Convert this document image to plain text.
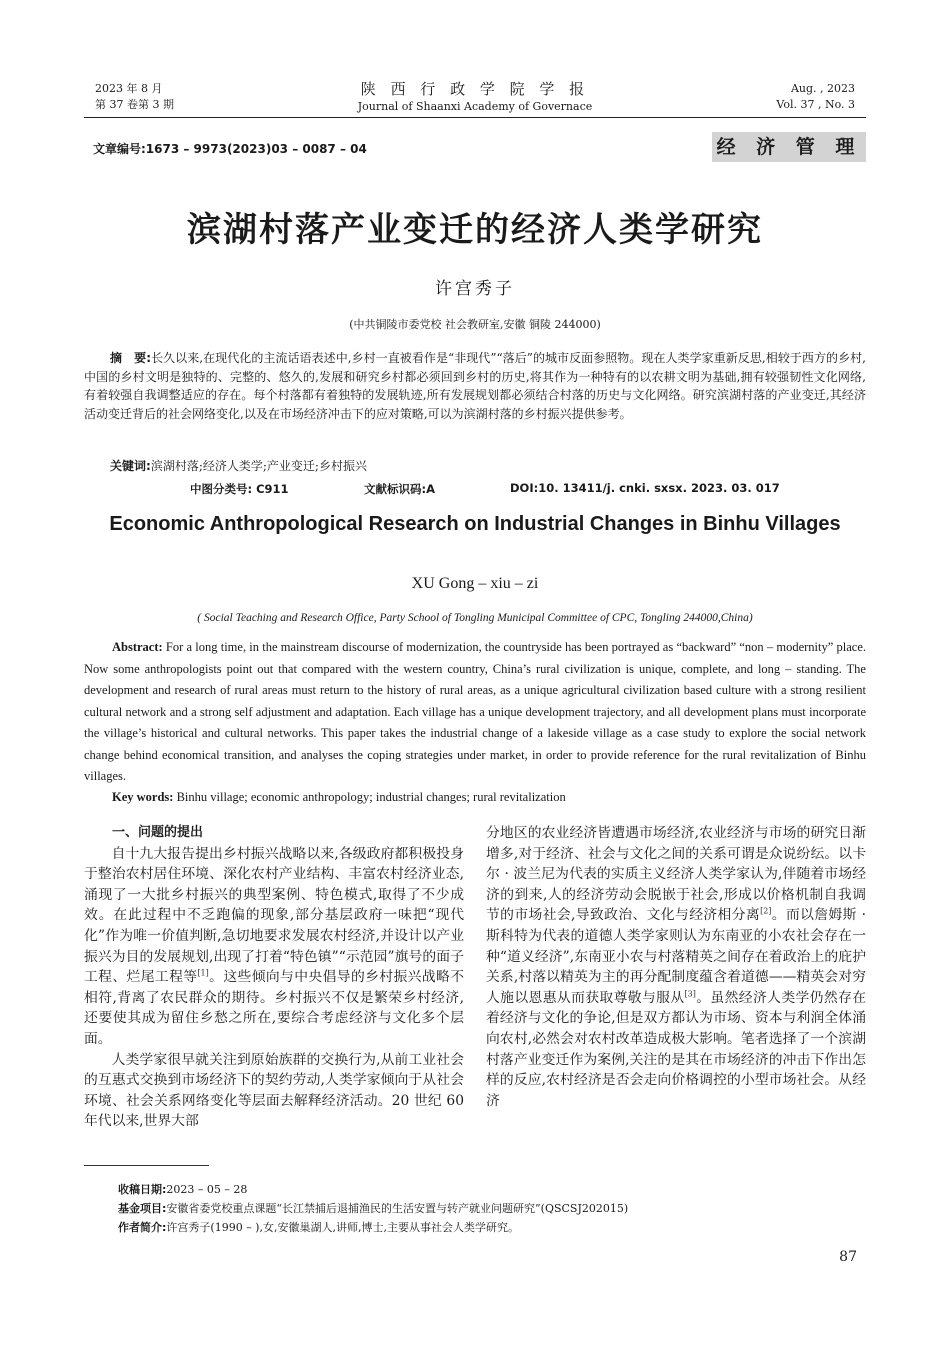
2023 年 8 月
第 37 卷第 3 期
陕 西 行 政 学 院 学 报
Journal of Shaanxi Academy of Governace
Aug. , 2023
Vol. 37 , No. 3
文章编号:1673 – 9973(2023)03 – 0087 – 04	经 济 管 理
滨湖村落产业变迁的经济人类学研究
许宫秀子
(中共铜陵市委党校 社会教研室,安徽 铜陵 244000)
摘　要:长久以来,在现代化的主流话语表述中,乡村一直被看作是“非现代”“落后”的城市反面参照物。现在人类学家重新反思,相较于西方的乡村,中国的乡村文明是独特的、完整的、悠久的,发展和研究乡村都必须回到乡村的历史,将其作为一种特有的以农耕文明为基础,拥有较强韧性文化网络,有着较强自我调整适应的存在。每个村落都有着独特的发展轨迹,所有发展规划都必须结合村落的历史与文化网络。研究滨湖村落的产业变迁,其经济活动变迁背后的社会网络变化,以及在市场经济冲击下的应对策略,可以为滨湖村落的乡村振兴提供参考。
关键词:滨湖村落;经济人类学;产业变迁;乡村振兴
中图分类号: C911	文献标识码:A	DOI:10. 13411/j. cnki. sxsx. 2023. 03. 017
Economic Anthropological Research on Industrial Changes in Binhu Villages
XU Gong – xiu – zi
( Social Teaching and Research Office, Party School of Tongling Municipal Committee of CPC, Tongling 244000,China)
Abstract: For a long time, in the mainstream discourse of modernization, the countryside has been portrayed as “backward” “non – modernity” place. Now some anthropologists point out that compared with the western country, China’s rural civilization is unique, complete, and long – standing. The development and research of rural areas must return to the history of rural areas, as a unique agricultural civilization based culture with a strong resilient cultural network and a strong self adjustment and adaptation. Each village has a unique development trajectory, and all development plans must incorporate the village’s historical and cultural networks. This paper takes the industrial change of a lakeside village as a case study to explore the social network change behind economical transition, and analyses the coping strategies under market, in order to provide reference for the rural revitalization of Binhu villages.
Key words: Binhu village; economic anthropology; industrial changes; rural revitalization
一、问题的提出

自十九大报告提出乡村振兴战略以来,各级政府都积极投身于整治农村居住环境、深化农村产业结构、丰富农村经济业态,涌现了一大批乡村振兴的典型案例、特色模式,取得了不少成效。在此过程中不乏跑偏的现象,部分基层政府一味把“现代化”作为唯一价值判断,急切地要求发展农村经济,并设计以产业振兴为目的发展规划,出现了打着“特色镇”“示范园”旗号的面子工程、烂尾工程等[1]。这些倾向与中央倡导的乡村振兴战略不相符,背离了农民群众的期待。乡村振兴不仅是繁荣乡村经济,还要使其成为留住乡愁之所在,要综合考虑经济与文化多个层面。

人类学家很早就关注到原始族群的交换行为,从前工业社会的互惠式交换到市场经济下的契约劳动,人类学家倾向于从社会环境、社会关系网络变化等层面去解释经济活动。20 世纪 60 年代以来,世界大部

分地区的农业经济皆遭遇市场经济,农业经济与市场的研究日渐增多,对于经济、社会与文化之间的关系可谓是众说纷纭。以卡尔 · 波兰尼为代表的实质主义经济人类学家认为,伴随着市场经济的到来,人的经济劳动会脱嵌于社会,形成以价格机制自我调节的市场社会,导致政治、文化与经济相分离[2]。而以詹姆斯 · 斯科特为代表的道德人类学家则认为东南亚的小农社会存在一种“道义经济”,东南亚小农与村落精英之间存在着政治上的庇护关系,村落以精英为主的再分配制度蕴含着道德——精英会对穷人施以恩惠从而获取尊敬与服从[3]。虽然经济人类学仍然存在着经济与文化的争论,但是双方都认为市场、资本与利润全体涌向农村,必然会对农村改革造成极大影响。笔者选择了一个滨湖村落产业变迁作为案例,关注的是其在市场经济的冲击下作出怎样的反应,农村经济是否会走向价格调控的小型市场社会。从经济

收稿日期:2023 – 05 – 28
基金项目:安徽省委党校重点课题“长江禁捕后退捕渔民的生活安置与转产就业问题研究”(QSCSJ202015)
作者简介:许宫秀子(1990 – ),女,安徽巢湖人,讲师,博士,主要从事社会人类学研究。
87
